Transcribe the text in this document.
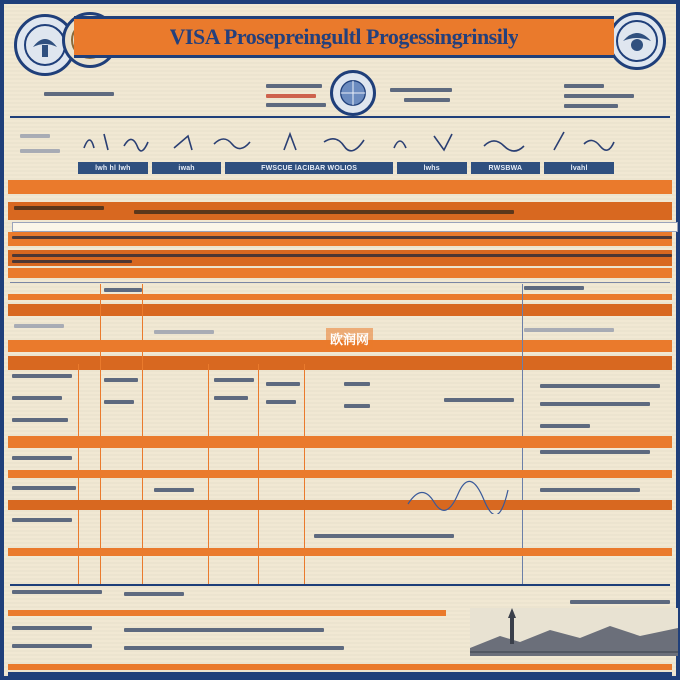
VISA Prosepreingultl Progessingrinsily
lwh hl lwh	iwah	FWSCUE lACIBAR WOLIOS	lwhs	RWSBWA	lvahl
欧润网
